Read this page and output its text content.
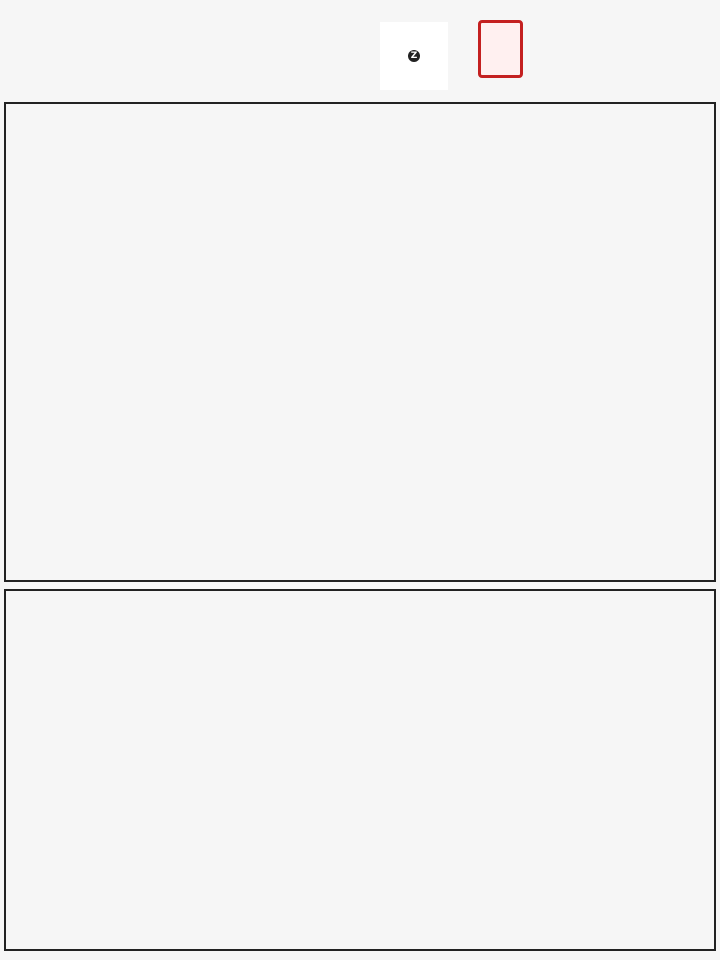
Z
